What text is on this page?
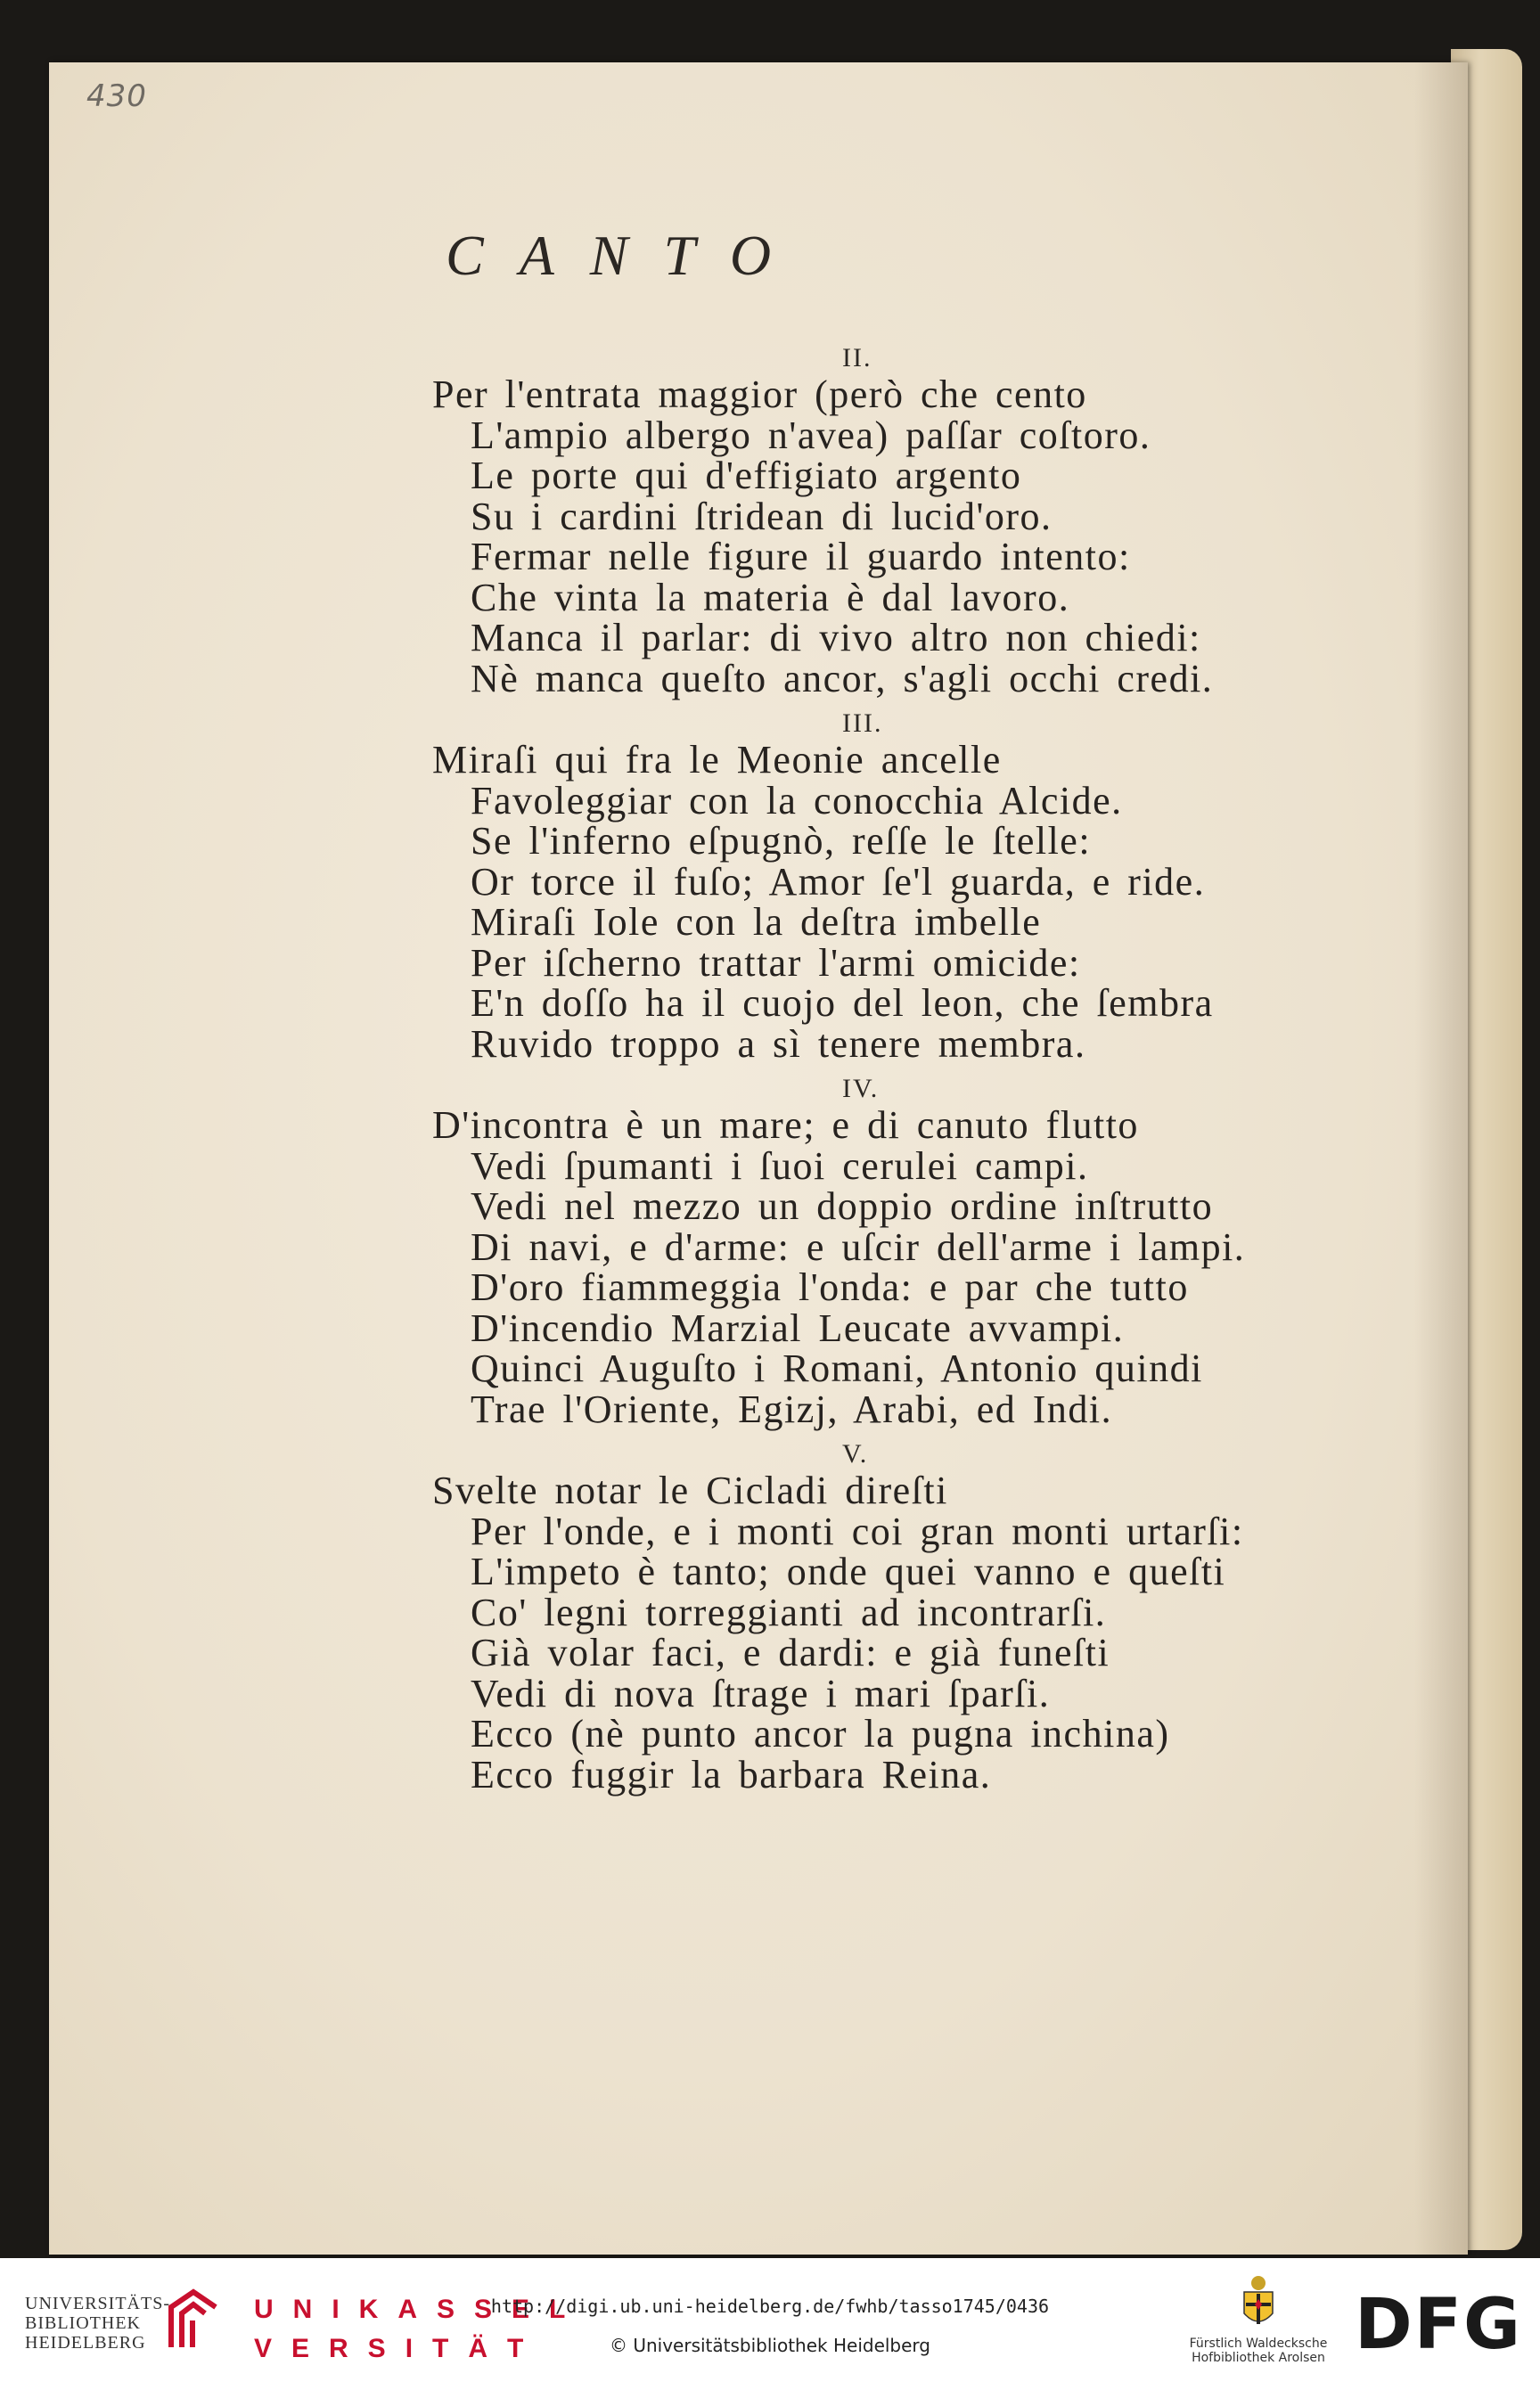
430
CANTO
II.
Per l'entrata maggior (però che cento
L'ampio albergo n'avea) paſſar coſtoro.
Le porte qui d'effigiato argento
Su i cardini ſtridean di lucid'oro.
Fermar nelle figure il guardo intento:
Che vinta la materia è dal lavoro.
Manca il parlar: di vivo altro non chiedi:
Nè manca queſto ancor, s'agli occhi credi.
III.
Miraſi qui fra le Meonie ancelle
Favoleggiar con la conocchia Alcide.
Se l'inferno eſpugnò, reſſe le ſtelle:
Or torce il fuſo; Amor ſe'l guarda, e ride.
Miraſi Iole con la deſtra imbelle
Per iſcherno trattar l'armi omicide:
E'n doſſo ha il cuojo del leon, che ſembra
Ruvido troppo a sì tenere membra.
IV.
D'incontra è un mare; e di canuto flutto
Vedi ſpumanti i ſuoi cerulei campi.
Vedi nel mezzo un doppio ordine inſtrutto
Di navi, e d'arme: e uſcir dell'arme i lampi.
D'oro fiammeggia l'onda: e par che tutto
D'incendio Marzial Leucate avvampi.
Quinci Auguſto i Romani, Antonio quindi
Trae l'Oriente, Egizj, Arabi, ed Indi.
V.
Svelte notar le Cicladi direſti
Per l'onde, e i monti coi gran monti urtarſi:
L'impeto è tanto; onde quei vanno e queſti
Co' legni torreggianti ad incontrarſi.
Già volar faci, e dardi: e già funeſti
Vedi di nova ſtrage i mari ſparſi.
Ecco (nè punto ancor la pugna inchina)
Ecco fuggir la barbara Reina.
UNIVERSITÄTS-
BIBLIOTHEK
HEIDELBERG
UNIKASSEL
VERSITÄT
http://digi.ub.uni-heidelberg.de/fwhb/tasso1745/0436
© Universitätsbibliothek Heidelberg	Fürstlich Waldecksche
Hofbibliothek Arolsen DFG
